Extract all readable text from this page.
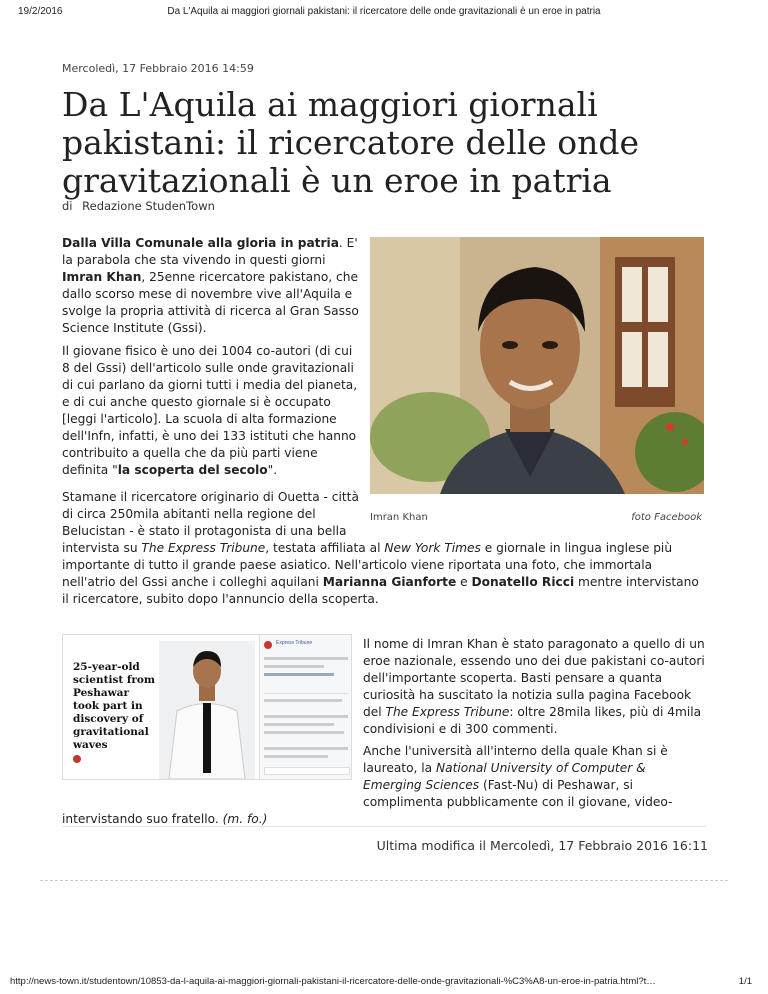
19/2/2016	Da L'Aquila ai maggiori giornali pakistani: il ricercatore delle onde gravitazionali è un eroe in patria
Mercoledì, 17 Febbraio 2016 14:59
Da L'Aquila ai maggiori giornali pakistani: il ricercatore delle onde gravitazionali è un eroe in patria
di Redazione StudenTown

Dalla Villa Comunale alla gloria in patria. E' la parabola che sta vivendo in questi giorni Imran Khan, 25enne ricercatore pakistano, che dallo scorso mese di novembre vive all'Aquila e svolge la propria attività di ricerca al Gran Sasso Science Institute (Gssi).

Il giovane fisico è uno dei 1004 co-autori (di cui 8 del Gssi) dell'articolo sulle onde gravitazionali di cui parlano da giorni tutti i media del pianeta, e di cui anche questo giornale si è occupato [leggi l'articolo]. La scuola di alta formazione dell'Infn, infatti, è uno dei 133 istituti che hanno contribuito a quella che da più parti viene definita "la scoperta del secolo".

Imran Khan	foto Facebook

Stamane il ricercatore originario di Ouetta - città di circa 250mila abitanti nella regione del Belucistan - è stato il protagonista di una bella intervista su The Express Tribune, testata affiliata al New York Times e giornale in lingua inglese più importante di tutto il grande paese asiatico. Nell'articolo viene riportata una foto, che immortala nell'atrio del Gssi anche i colleghi aquilani Marianna Gianforte e Donatello Ricci mentre intervistano il ricercatore, subito dopo l'annuncio della scoperta.
25-year-old
scientist from
Peshawar
took part in
discovery of
gravitational
waves
Express Tribune	Il nome di Imran Khan è stato paragonato a quello di un eroe nazionale, essendo uno dei due pakistani co-autori dell'importante scoperta. Basti pensare a quanta curiosità ha suscitato la notizia sulla pagina Facebook del The Express Tribune: oltre 28mila likes, più di 4mila condivisioni e di 300 commenti.

Anche l'università all'interno della quale Khan si è laureato, la National University of Computer & Emerging Sciences (Fast-Nu) di Peshawar, si complimenta pubblicamente con il giovane, video-intervistando suo fratello. (m. fo.)
Ultima modifica il Mercoledì, 17 Febbraio 2016 16:11
http://news-town.it/studentown/10853-da-l-aquila-ai-maggiori-giornali-pakistani-il-ricercatore-delle-onde-gravitazionali-%C3%A8-un-eroe-in-patria.html?t…	1/1
